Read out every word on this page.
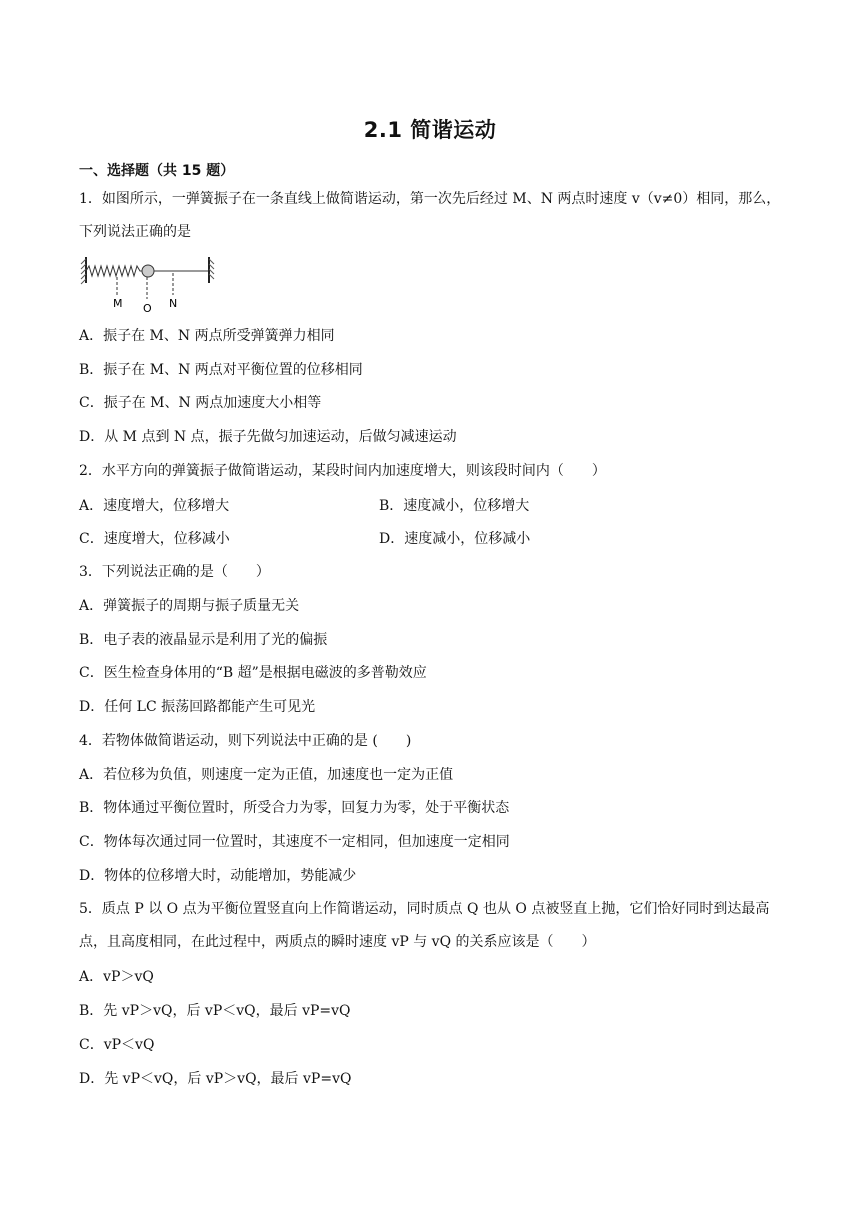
2.1 简谐运动
一、选择题（共 15 题）
1．如图所示，一弹簧振子在一条直线上做简谐运动，第一次先后经过 M、N 两点时速度 v（v≠0）相同，那么，下列说法正确的是
M O N
A．振子在 M、N 两点所受弹簧弹力相同
B．振子在 M、N 两点对平衡位置的位移相同
C．振子在 M、N 两点加速度大小相等
D．从 M 点到 N 点，振子先做匀加速运动，后做匀减速运动
2．水平方向的弹簧振子做简谐运动，某段时间内加速度增大，则该段时间内（　　）
A．速度增大，位移增大	B．速度减小，位移增大
C．速度增大，位移减小	D．速度减小，位移减小
3．下列说法正确的是（　　）
A．弹簧振子的周期与振子质量无关
B．电子表的液晶显示是利用了光的偏振
C．医生检查身体用的“B 超”是根据电磁波的多普勒效应
D．任何 LC 振荡回路都能产生可见光
4．若物体做简谐运动，则下列说法中正确的是 (　　)
A．若位移为负值，则速度一定为正值，加速度也一定为正值
B．物体通过平衡位置时，所受合力为零，回复力为零，处于平衡状态
C．物体每次通过同一位置时，其速度不一定相同，但加速度一定相同
D．物体的位移增大时，动能增加，势能减少
5．质点 P 以 O 点为平衡位置竖直向上作简谐运动，同时质点 Q 也从 O 点被竖直上抛，它们恰好同时到达最高点，且高度相同，在此过程中，两质点的瞬时速度 vP 与 vQ 的关系应该是（　　）
A．vP＞vQ
B．先 vP＞vQ，后 vP＜vQ，最后 vP=vQ
C．vP＜vQ
D．先 vP＜vQ，后 vP＞vQ，最后 vP=vQ
